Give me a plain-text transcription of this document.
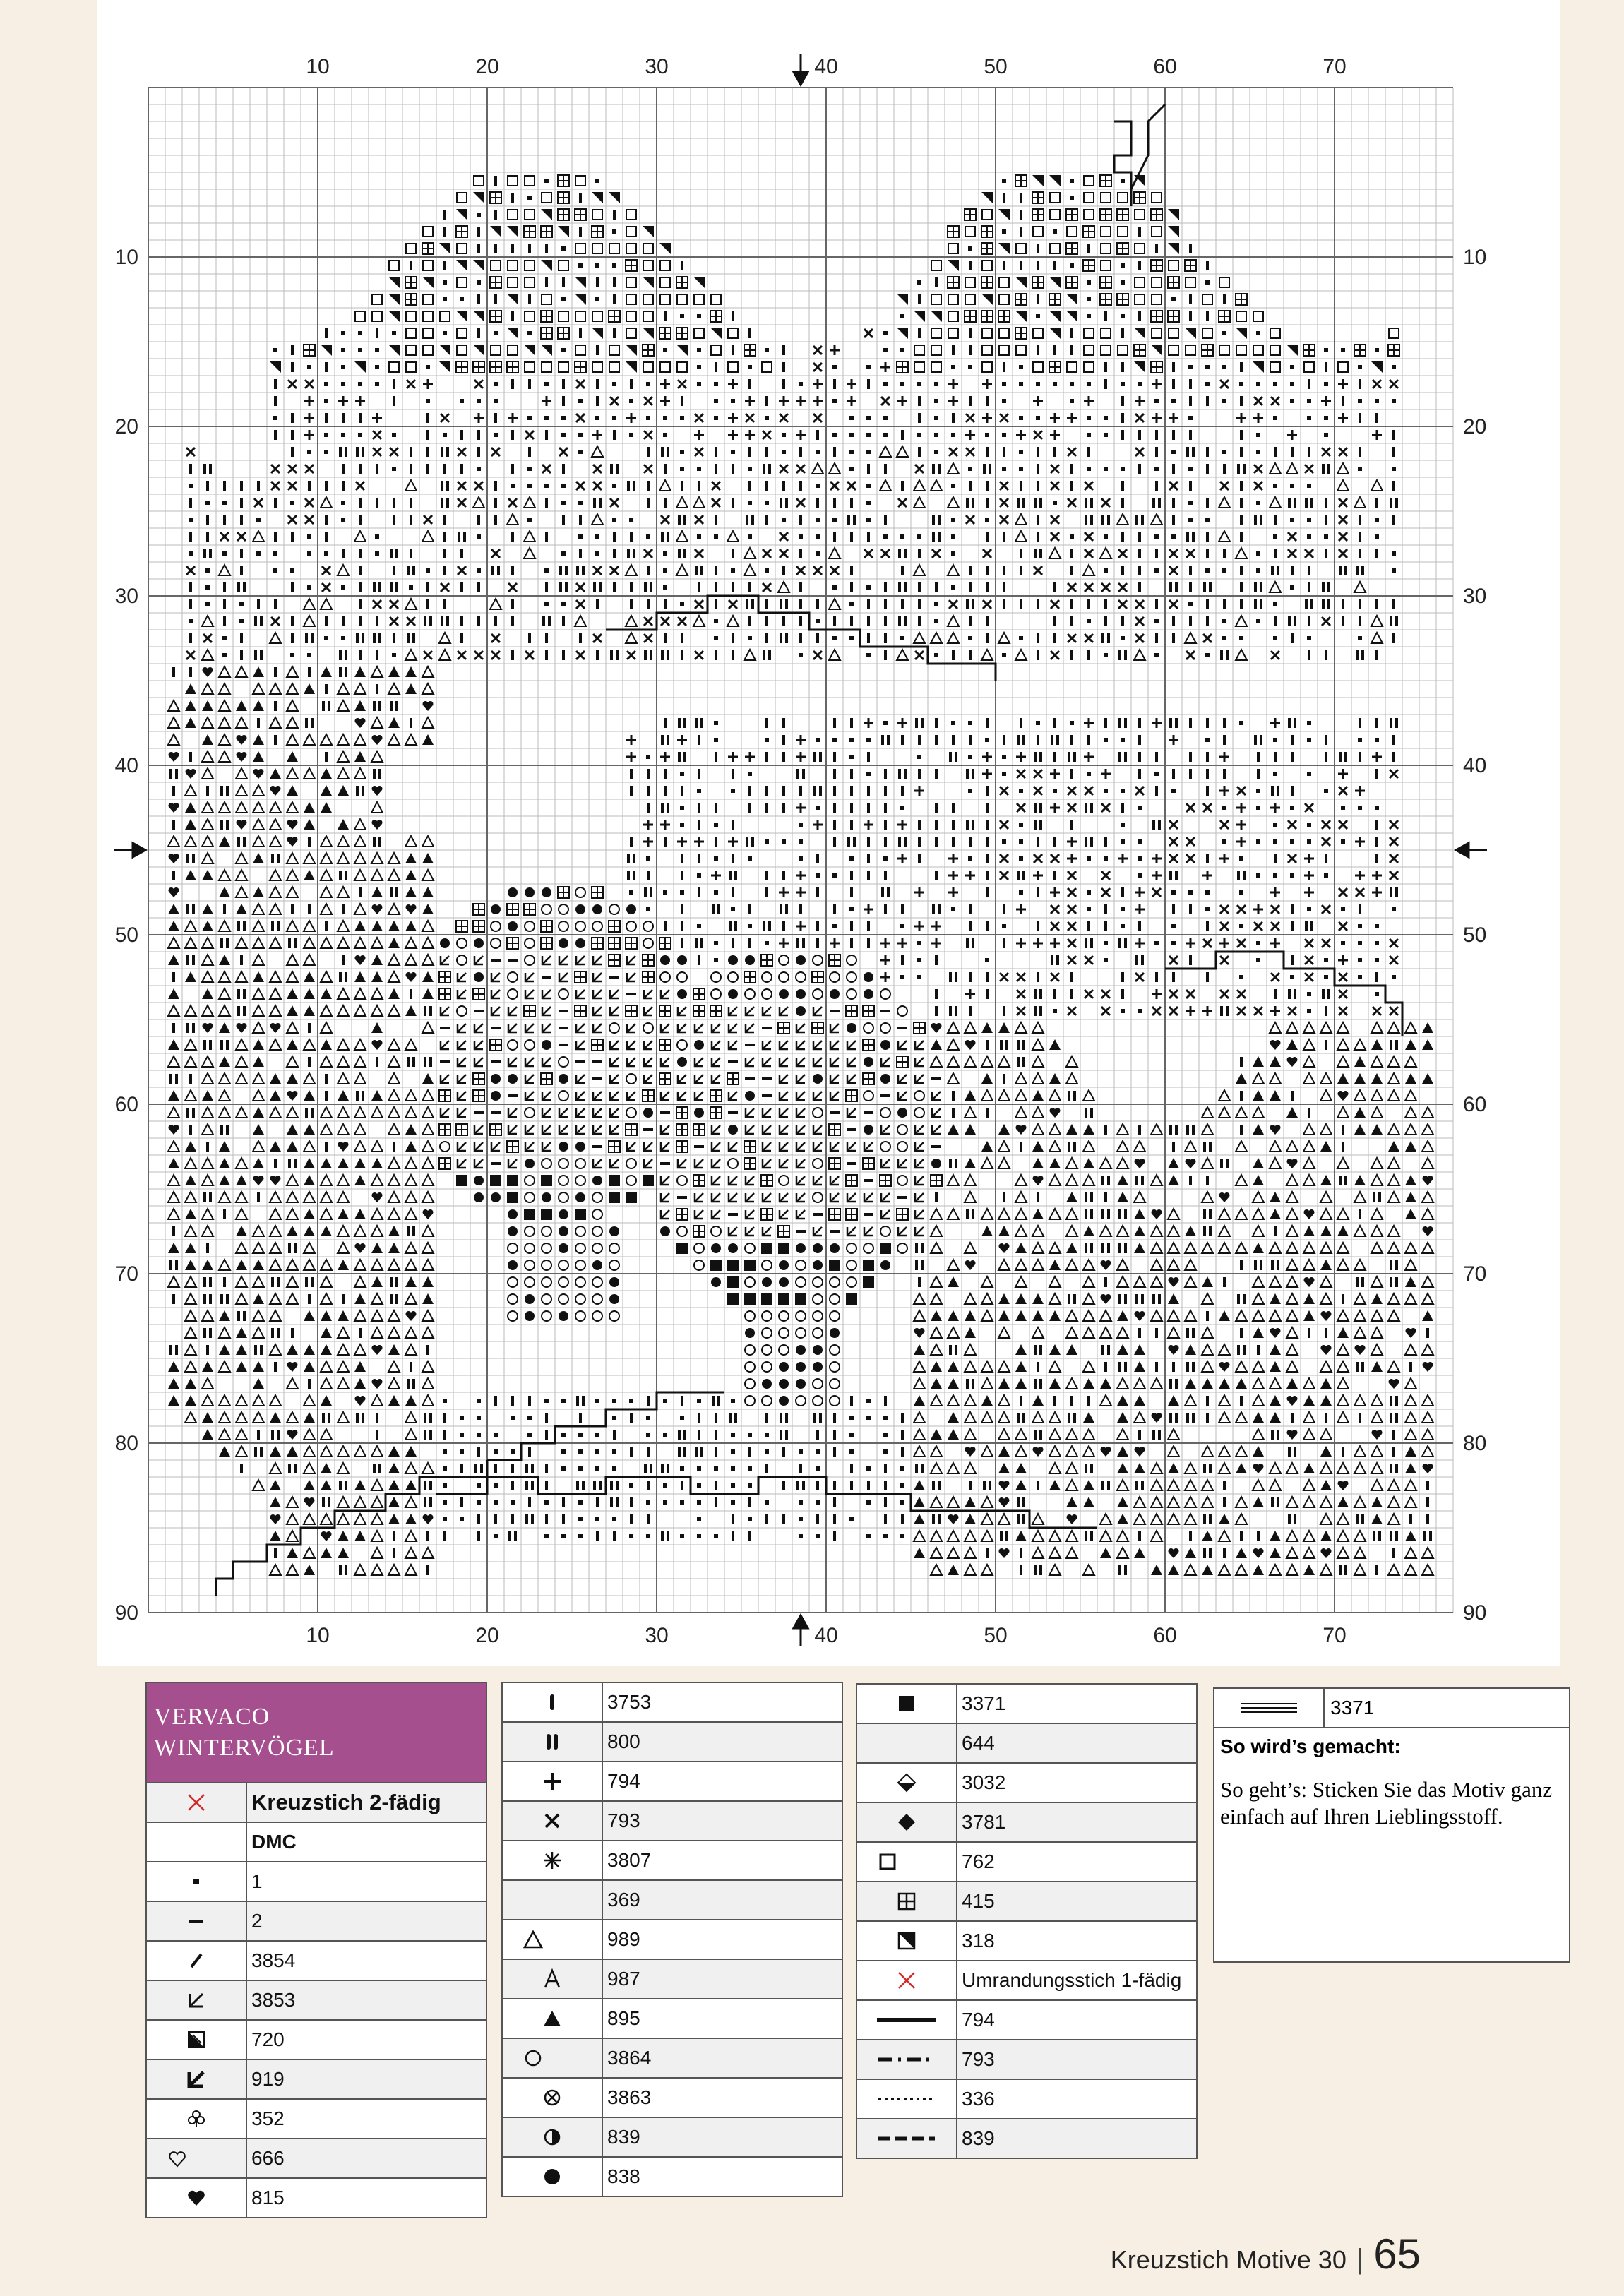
10	20	30	40	50	60	70
10	20	30	40	50	60	70
10
20
30
40
50
60
70
80
90
10
20
30
40
50
60
70
80
90
VERVACO
WINTERVÖGEL	

	Kreuzstich 2-fädig
	DMC

	1

	2

	3854

	3853

	720

	919

	352

	666

	815
	3753

	800

	794

	793

	3807

	369

	989

	987

	895

	3864

	3863

	839

	838
	3371

	644

	3032

	3781

	762

	415

	318

	Umrandungsstich 1-fädig

	794

	793

	336

	839
3371
So wird’s gemacht:
So geht’s: Sticken Sie das Motiv ganz einfach auf Ihren Lieblingsstoff.
Kreuzstich Motive 30 | 65
